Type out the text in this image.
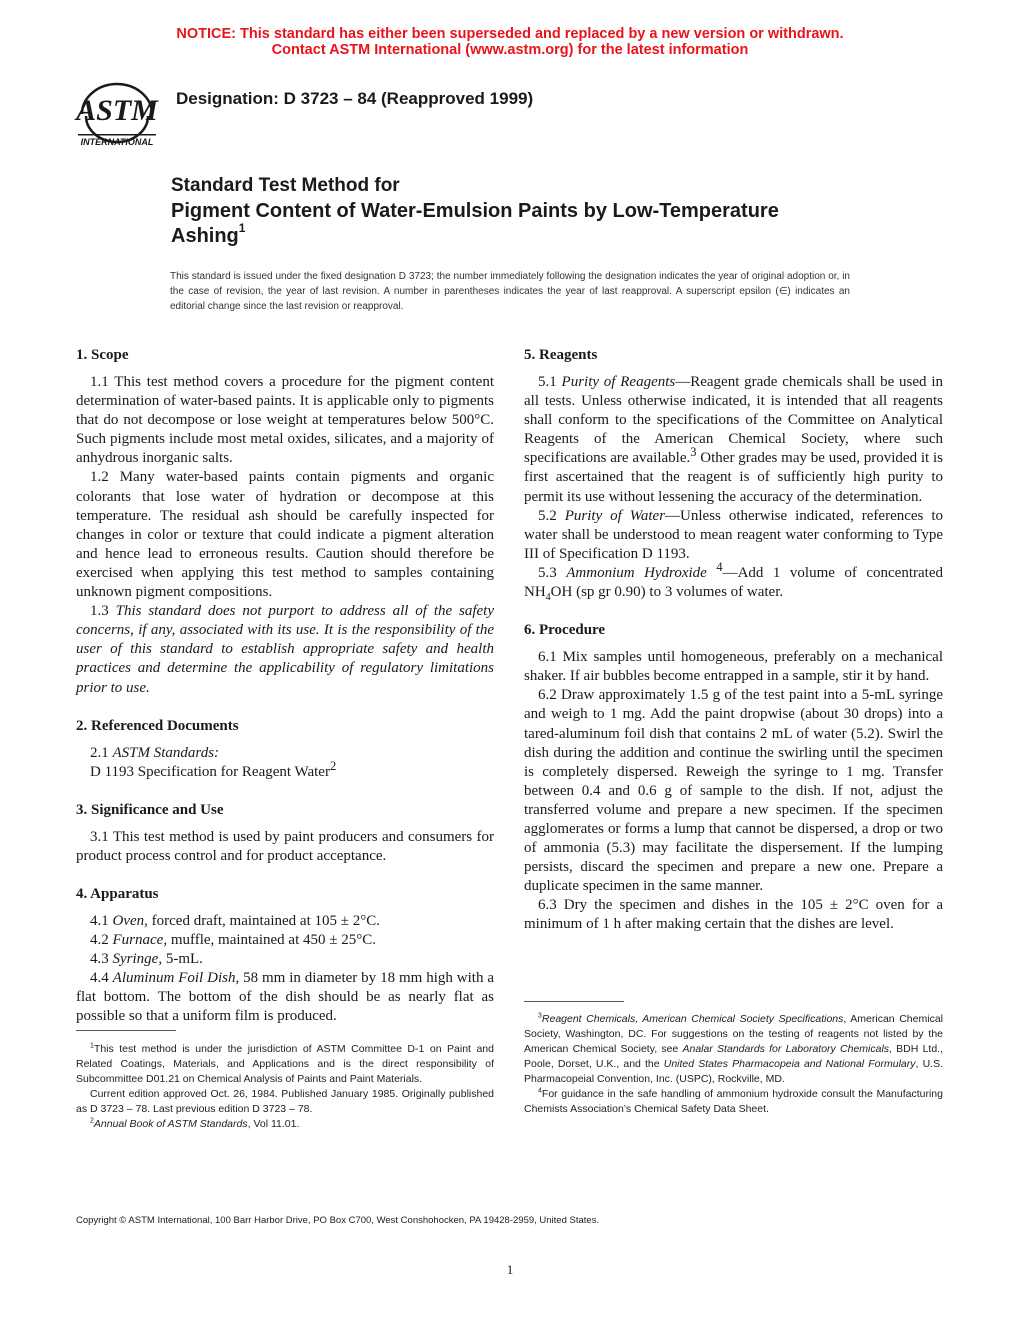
NOTICE: This standard has either been superseded and replaced by a new version or withdrawn.
Contact ASTM International (www.astm.org) for the latest information
ASTM
INTERNATIONAL
Designation: D 3723 – 84 (Reapproved 1999)
Standard Test Method for
Pigment Content of Water-Emulsion Paints by Low-Temperature Ashing$^1$
This standard is issued under the fixed designation D 3723; the number immediately following the designation indicates the year of original adoption or, in the case of revision, the year of last revision. A number in parentheses indicates the year of last reapproval. A superscript epsilon (∈) indicates an editorial change since the last revision or reapproval.
1. Scope

1.1 This test method covers a procedure for the pigment content determination of water-based paints. It is applicable only to pigments that do not decompose or lose weight at temperatures below 500°C. Such pigments include most metal oxides, silicates, and a majority of anhydrous inorganic salts.

1.2 Many water-based paints contain pigments and organic colorants that lose water of hydration or decompose at this temperature. The residual ash should be carefully inspected for changes in color or texture that could indicate a pigment alteration and hence lead to erroneous results. Caution should therefore be exercised when applying this test method to samples containing unknown pigment compositions.

1.3 This standard does not purport to address all of the safety concerns, if any, associated with its use. It is the responsibility of the user of this standard to establish appropriate safety and health practices and determine the applicability of regulatory limitations prior to use.

2. Referenced Documents

2.1 ASTM Standards:

D 1193 Specification for Reagent Water$^2$

3. Significance and Use

3.1 This test method is used by paint producers and consumers for product process control and for product acceptance.

4. Apparatus

4.1 Oven, forced draft, maintained at 105 ± 2°C.

4.2 Furnace, muffle, maintained at 450 ± 25°C.

4.3 Syringe, 5-mL.

4.4 Aluminum Foil Dish, 58 mm in diameter by 18 mm high with a flat bottom. The bottom of the dish should be as nearly flat as possible so that a uniform film is produced.

5. Reagents

5.1 Purity of Reagents—Reagent grade chemicals shall be used in all tests. Unless otherwise indicated, it is intended that all reagents shall conform to the specifications of the Committee on Analytical Reagents of the American Chemical Society, where such specifications are available.$^3$ Other grades may be used, provided it is first ascertained that the reagent is of sufficiently high purity to permit its use without lessening the accuracy of the determination.

5.2 Purity of Water—Unless otherwise indicated, references to water shall be understood to mean reagent water conforming to Type III of Specification D 1193.

5.3 Ammonium Hydroxide $^4$—Add 1 volume of concentrated $NH_4OH$ (sp gr 0.90) to 3 volumes of water.

6. Procedure

6.1 Mix samples until homogeneous, preferably on a mechanical shaker. If air bubbles become entrapped in a sample, stir it by hand.

6.2 Draw approximately 1.5 g of the test paint into a 5-mL syringe and weigh to 1 mg. Add the paint dropwise (about 30 drops) into a tared-aluminum foil dish that contains 2 mL of water (5.2). Swirl the dish during the addition and continue the swirling until the specimen is completely dispersed. Reweigh the syringe to 1 mg. Transfer between 0.4 and 0.6 g of sample to the dish. If not, adjust the transferred volume and prepare a new specimen. If the specimen agglomerates or forms a lump that cannot be dispersed, a drop or two of ammonia (5.3) may facilitate the dispersement. If the lumping persists, discard the specimen and prepare a new one. Prepare a duplicate specimen in the same manner.

6.3 Dry the specimen and dishes in the 105 ± 2°C oven for a minimum of 1 h after making certain that the dishes are level.

$^1$This test method is under the jurisdiction of ASTM Committee D-1 on Paint and Related Coatings, Materials, and Applications and is the direct responsibility of Subcommittee D01.21 on Chemical Analysis of Paints and Paint Materials.

Current edition approved Oct. 26, 1984. Published January 1985. Originally published as D 3723 – 78. Last previous edition D 3723 – 78.

$^2$Annual Book of ASTM Standards, Vol 11.01.

$^3$Reagent Chemicals, American Chemical Society Specifications, American Chemical Society, Washington, DC. For suggestions on the testing of reagents not listed by the American Chemical Society, see Analar Standards for Laboratory Chemicals, BDH Ltd., Poole, Dorset, U.K., and the United States Pharmacopeia and National Formulary, U.S. Pharmacopeial Convention, Inc. (USPC), Rockville, MD.

$^4$For guidance in the safe handling of ammonium hydroxide consult the Manufacturing Chemists Association’s Chemical Safety Data Sheet.

Copyright © ASTM International, 100 Barr Harbor Drive, PO Box C700, West Conshohocken, PA 19428-2959, United States.
1
